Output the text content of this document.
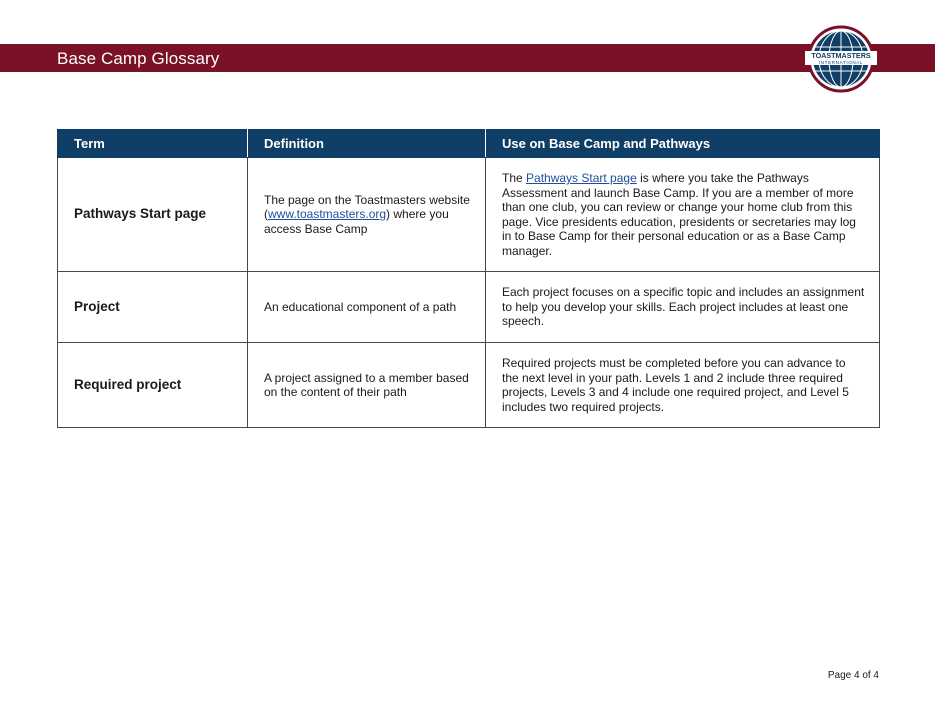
Base Camp Glossary	TOASTMASTERS
INTERNATIONAL
Term	Definition	Use on Base Camp and Pathways
Pathways Start page	The page on the Toastmasters website (www.toastmasters.org) where you access Base Camp	The Pathways Start page is where you take the Pathways Assessment and launch Base Camp. If you are a member of more than one club, you can review or change your home club from this page. Vice presidents education, presidents or secretaries may log in to Base Camp for their personal education or as a Base Camp manager.
Project	An educational component of a path	Each project focuses on a specific topic and includes an assignment to help you develop your skills. Each project includes at least one speech.
Required project	A project assigned to a member based on the content of their path	Required projects must be completed before you can advance to the next level in your path. Levels 1 and 2 include three required projects, Levels 3 and 4 include one required project, and Level 5 includes two required projects.
Page 4 of 4
